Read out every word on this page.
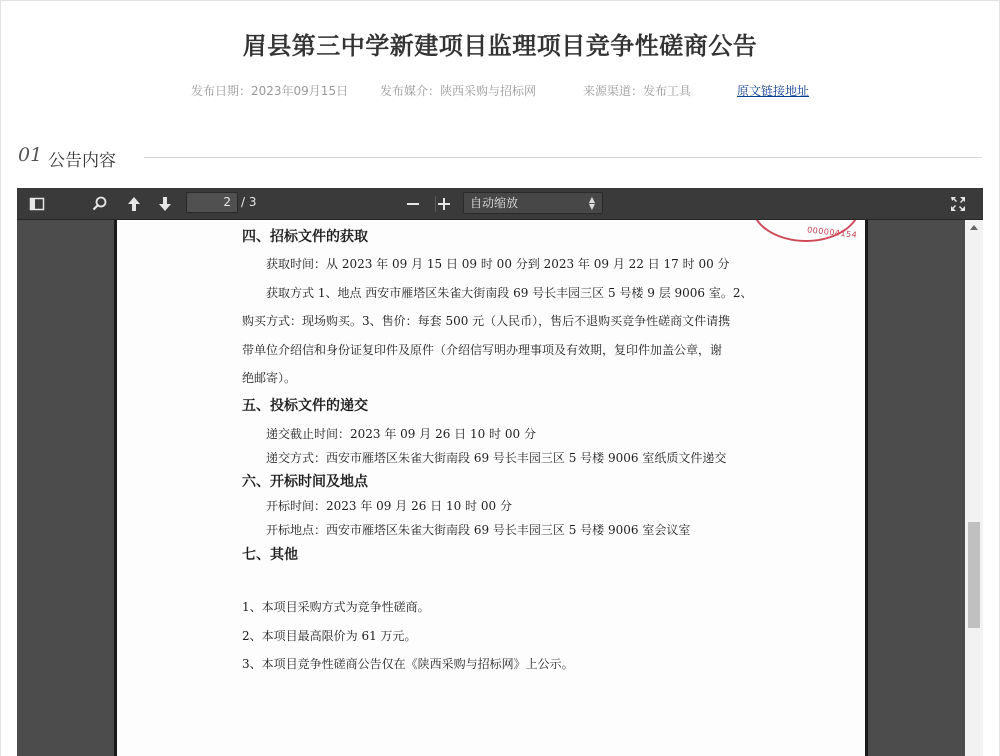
眉县第三中学新建项目监理项目竞争性磋商公告
发布日期：2023年09月15日	发布媒介：陕西采购与招标网	来源渠道：发布工具	原文链接地址
01 公告内容
2 / 3	自动缩放	▲
▼
000004154
四、招标文件的获取
获取时间：从 2023 年 09 月 15 日 09 时 00 分到 2023 年 09 月 22 日 17 时 00 分
获取方式 1、地点 西安市雁塔区朱雀大街南段 69 号长丰园三区 5 号楼 9 层 9006 室。2、
购买方式：现场购买。3、售价：每套 500 元（人民币），售后不退购买竞争性磋商文件请携
带单位介绍信和身份证复印件及原件（介绍信写明办理事项及有效期，复印件加盖公章，谢
绝邮寄）。
五、投标文件的递交
递交截止时间：2023 年 09 月 26 日 10 时 00 分
递交方式：西安市雁塔区朱雀大街南段 69 号长丰园三区 5 号楼 9006 室纸质文件递交
六、开标时间及地点
开标时间：2023 年 09 月 26 日 10 时 00 分
开标地点：西安市雁塔区朱雀大街南段 69 号长丰园三区 5 号楼 9006 室会议室
七、其他
1、本项目采购方式为竞争性磋商。
2、本项目最高限价为 61 万元。
3、本项目竞争性磋商公告仅在《陕西采购与招标网》上公示。
